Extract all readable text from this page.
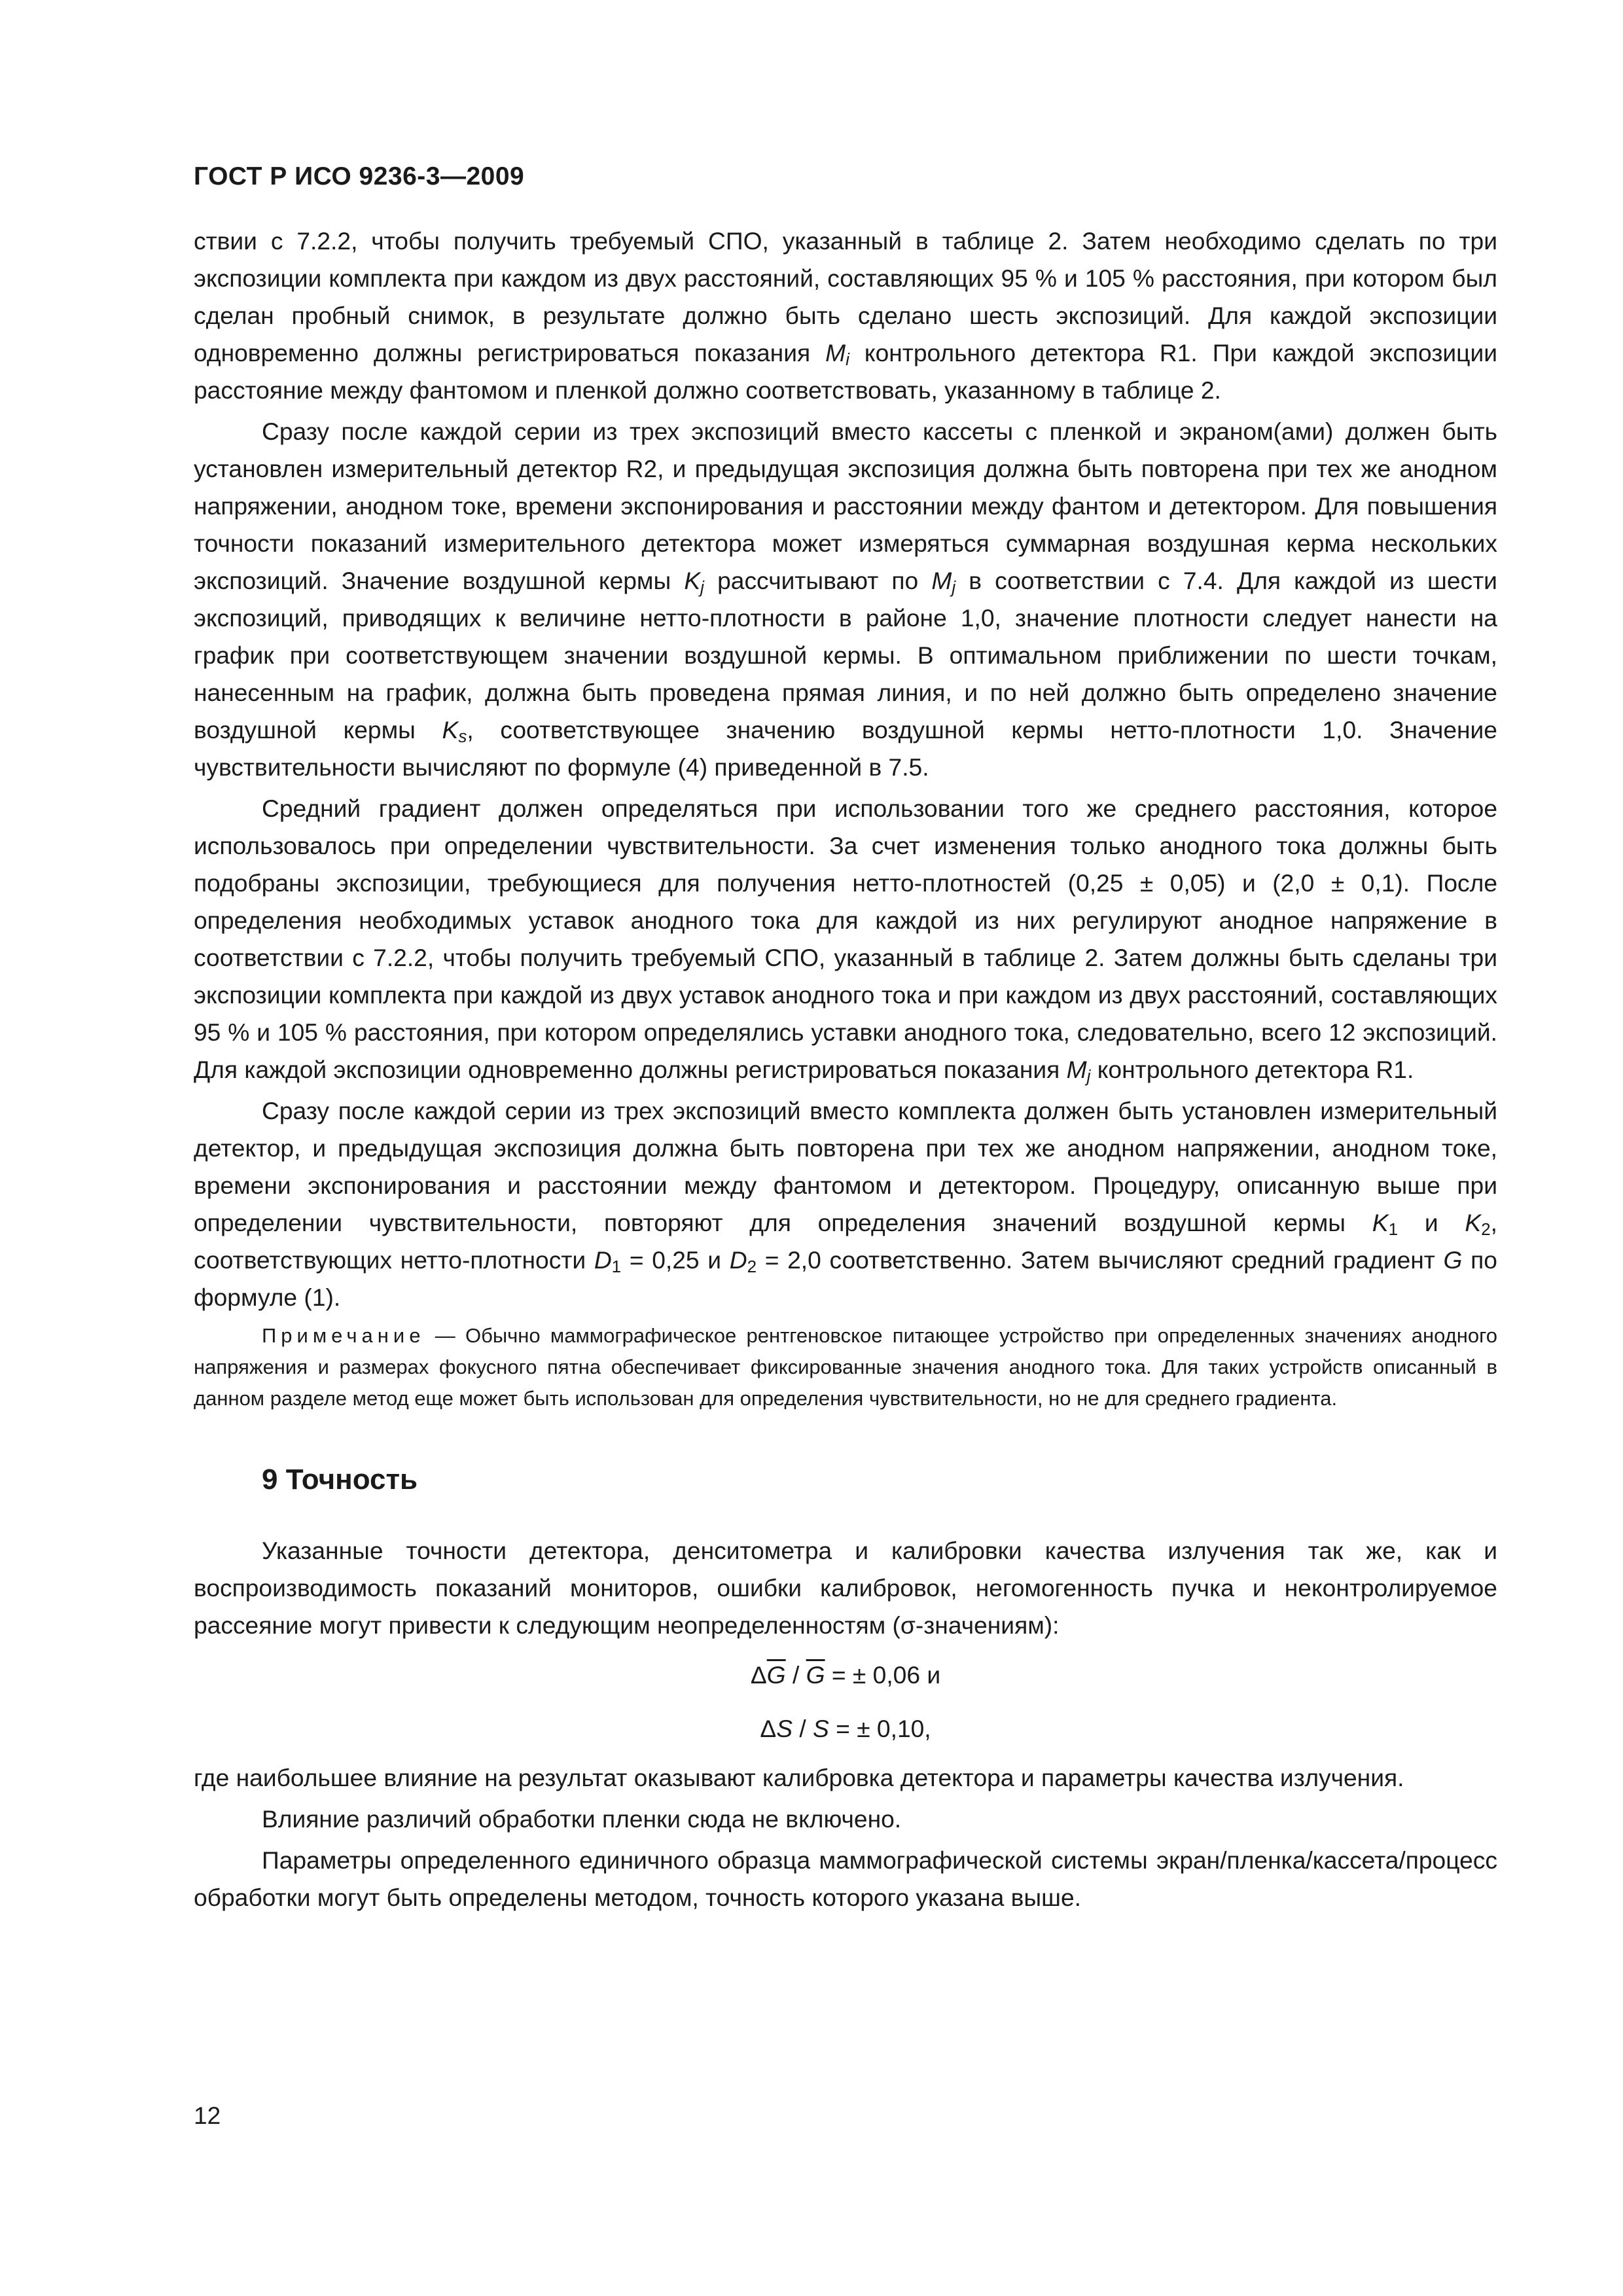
ГОСТ Р ИСО 9236-3—2009

ствии с 7.2.2, чтобы получить требуемый СПО, указанный в таблице 2. Затем необходимо сделать по три экспозиции комплекта при каждом из двух расстояний, составляющих 95 % и 105 % расстояния, при котором был сделан пробный снимок, в результате должно быть сделано шесть экспозиций. Для каждой экспозиции одновременно должны регистрироваться показания $M_i$ контрольного детектора R1. При каждой экспозиции расстояние между фантомом и пленкой должно соответствовать, указанному в таблице 2.

Сразу после каждой серии из трех экспозиций вместо кассеты с пленкой и экраном(ами) должен быть установлен измерительный детектор R2, и предыдущая экспозиция должна быть повторена при тех же анодном напряжении, анодном токе, времени экспонирования и расстоянии между фантом и детектором. Для повышения точности показаний измерительного детектора может измеряться суммарная воздушная керма нескольких экспозиций. Значение воздушной кермы $K_j$ рассчитывают по $M_j$ в соответствии с 7.4. Для каждой из шести экспозиций, приводящих к величине нетто-плотности в районе 1,0, значение плотности следует нанести на график при соответствующем значении воздушной кермы. В оптимальном приближении по шести точкам, нанесенным на график, должна быть проведена прямая линия, и по ней должно быть определено значение воздушной кермы $K_s$, соответствующее значению воздушной кермы нетто-плотности 1,0. Значение чувствительности вычисляют по формуле (4) приведенной в 7.5.

Средний градиент должен определяться при использовании того же среднего расстояния, которое использовалось при определении чувствительности. За счет изменения только анодного тока должны быть подобраны экспозиции, требующиеся для получения нетто-плотностей (0,25 ± 0,05) и (2,0 ± 0,1). После определения необходимых уставок анодного тока для каждой из них регулируют анодное напряжение в соответствии с 7.2.2, чтобы получить требуемый СПО, указанный в таблице 2. Затем должны быть сделаны три экспозиции комплекта при каждой из двух уставок анодного тока и при каждом из двух расстояний, составляющих 95 % и 105 % расстояния, при котором определялись уставки анодного тока, следовательно, всего 12 экспозиций. Для каждой экспозиции одновременно должны регистрироваться показания $M_j$ контрольного детектора R1.

Сразу после каждой серии из трех экспозиций вместо комплекта должен быть установлен измерительный детектор, и предыдущая экспозиция должна быть повторена при тех же анодном напряжении, анодном токе, времени экспонирования и расстоянии между фантомом и детектором. Процедуру, описанную выше при определении чувствительности, повторяют для определения значений воздушной кермы $K_1$ и $K_2$, соответствующих нетто-плотности $D_1 = 0,25$ и $D_2 = 2,0$ соответственно. Затем вычисляют средний градиент G по формуле (1).

Примечание — Обычно маммографическое рентгеновское питающее устройство при определенных значениях анодного напряжения и размерах фокусного пятна обеспечивает фиксированные значения анодного тока. Для таких устройств описанный в данном разделе метод еще может быть использован для определения чувствительности, но не для среднего градиента.

9 Точность

Указанные точности детектора, денситометра и калибровки качества излучения так же, как и воспроизводимость показаний мониторов, ошибки калибровок, негомогенность пучка и неконтролируемое рассеяние могут привести к следующим неопределенностям (σ-значениям):

$\Delta\overline{G} / \overline{G}$ = ± 0,06 и
ΔS / S = ± 0,10,

где наибольшее влияние на результат оказывают калибровка детектора и параметры качества излучения.

Влияние различий обработки пленки сюда не включено.

Параметры определенного единичного образца маммографической системы экран/пленка/кассета/процесс обработки могут быть определены методом, точность которого указана выше.

12
